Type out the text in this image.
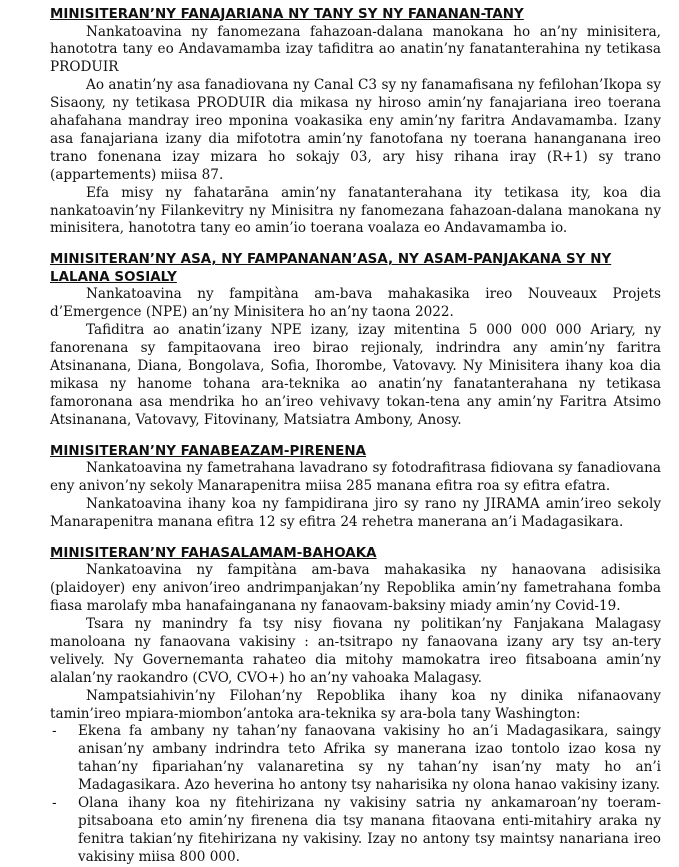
MINISITERAN’NY FANAJARIANA NY TANY SY NY FANANAN-TANY

Nankatoavina ny fanomezana fahazoan-dalana manokana ho an’ny minisitera, hanototra tany eo Andavamamba izay tafiditra ao anatin’ny fanatanterahina ny tetikasa PRODUIR

Ao anatin’ny asa fanadiovana ny Canal C3 sy ny fanamafisana ny fefilohan’Ikopa sy Sisaony, ny tetikasa PRODUIR dia mikasa ny hiroso amin’ny fanajariana ireo toerana ahafahana mandray ireo mponina voakasika eny amin’ny faritra Andavamamba. Izany asa fanajariana izany dia mifototra amin’ny fanotofana ny toerana hananganana ireo trano fonenana izay mizara ho sokajy 03, ary hisy rihana iray (R+1) sy trano (appartements) miisa 87.

Efa misy ny fahatarāna amin’ny fanatanterahana ity tetikasa ity, koa dia nankatoavin’ny Filankevitry ny Minisitra ny fanomezana fahazoan-dalana manokana ny minisitera, hanototra tany eo amin’io toerana voalaza eo Andavamamba io.

MINISITERAN’NY ASA, NY FAMPANANAN’ASA, NY ASAM-PANJAKANA SY NY LALANA SOSIALY

Nankatoavina ny fampitàna am-bava mahakasika ireo Nouveaux Projets d’Emergence (NPE) an’ny Minisitera ho an’ny taona 2022.

Tafiditra ao anatin’izany NPE izany, izay mitentina 5 000 000 000 Ariary, ny fanorenana sy fampitaovana ireo birao rejionaly, indrindra any amin’ny faritra Atsinanana, Diana, Bongolava, Sofia, Ihorombe, Vatovavy. Ny Minisitera ihany koa dia mikasa ny hanome tohana ara-teknika ao anatin’ny fanatanterahana ny tetikasa famoronana asa mendrika ho an’ireo vehivavy tokan-tena any amin’ny Faritra Atsimo Atsinanana, Vatovavy, Fitovinany, Matsiatra Ambony, Anosy.

MINISITERAN’NY FANABEAZAM-PIRENENA

Nankatoavina ny fametrahana lavadrano sy fotodrafitrasa fidiovana sy fanadiovana eny anivon’ny sekoly Manarapenitra miisa 285 manana efitra roa sy efitra efatra.

Nankatoavina ihany koa ny fampidirana jiro sy rano ny JIRAMA amin’ireo sekoly Manarapenitra manana efitra 12 sy efitra 24 rehetra manerana an’i Madagasikara.

MINISITERAN’NY FAHASALAMAM-BAHOAKA

Nankatoavina ny fampitàna am-bava mahakasika ny hanaovana adisisika (plaidoyer) eny anivon’ireo andrimpanjakan’ny Repoblika amin’ny fametrahana fomba fiasa marolafy mba hanafainganana ny fanaovam-baksiny miady amin’ny Covid-19.

Tsara ny manindry fa tsy nisy fiovana ny politikan’ny Fanjakana Malagasy manoloana ny fanaovana vakisiny : an-tsitrapo ny fanaovana izany ary tsy an-tery velively. Ny Governemanta rahateo dia mitohy mamokatra ireo fitsaboana amin’ny alalan’ny raokandro (CVO, CVO+) ho an’ny vahoaka Malagasy.

Nampatsiahivin’ny Filohan’ny Repoblika ihany koa ny dinika nifanaovany tamin’ireo mpiara-miombon’antoka ara-teknika sy ara-bola tany Washington:

- Ekena fa ambany ny tahan’ny fanaovana vakisiny ho an’i Madagasikara, saingy anisan’ny ambany indrindra teto Afrika sy manerana izao tontolo izao kosa ny tahan’ny fipariahan’ny valanaretina sy ny tahan’ny isan’ny maty ho an’i Madagasikara. Azo heverina ho antony tsy naharisika ny olona hanao vakisiny izany.
- Olana ihany koa ny fitehirizana ny vakisiny satria ny ankamaroan’ny toeram-pitsaboana eto amin’ny firenena dia tsy manana fitaovana enti-mitahiry araka ny fenitra takian’ny fitehirizana ny vakisiny. Izay no antony tsy maintsy nanariana ireo vakisiny miisa 800 000.
